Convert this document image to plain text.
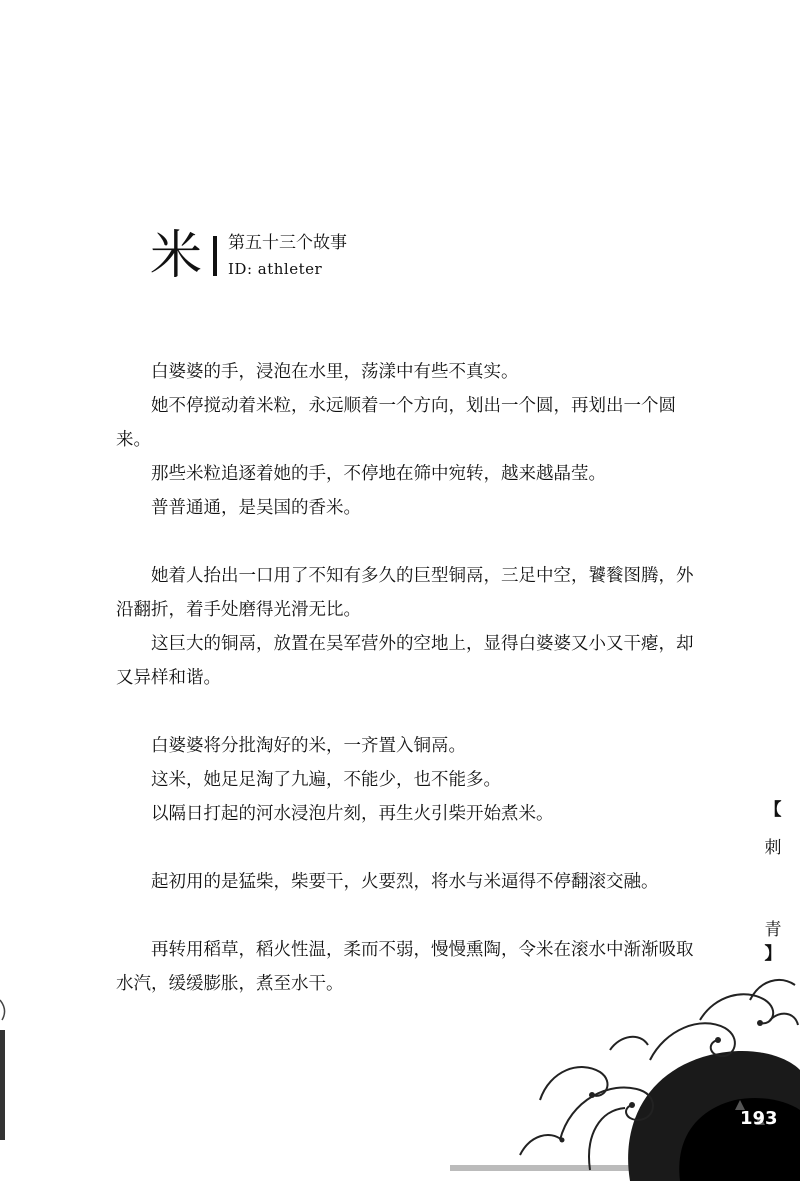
米 第五十三个故事
ID: athleter

白婆婆的手，浸泡在水里，荡漾中有些不真实。

她不停搅动着米粒，永远顺着一个方向，划出一个圆，再划出一个圆来。

那些米粒追逐着她的手，不停地在筛中宛转，越来越晶莹。

普普通通，是吴国的香米。

她着人抬出一口用了不知有多久的巨型铜鬲，三足中空，饕餮图腾，外沿翻折，着手处磨得光滑无比。

这巨大的铜鬲，放置在吴军营外的空地上，显得白婆婆又小又干瘪，却又异样和谐。

白婆婆将分批淘好的米，一齐置入铜鬲。

这米，她足足淘了九遍，不能少，也不能多。

以隔日打起的河水浸泡片刻，再生火引柴开始煮米。

起初用的是猛柴，柴要干，火要烈，将水与米逼得不停翻滚交融。

再转用稻草，稻火性温，柔而不弱，慢慢熏陶，令米在滚水中渐渐吸取水汽，缓缓膨胀，煮至水干。

【
刺
青
】
193
